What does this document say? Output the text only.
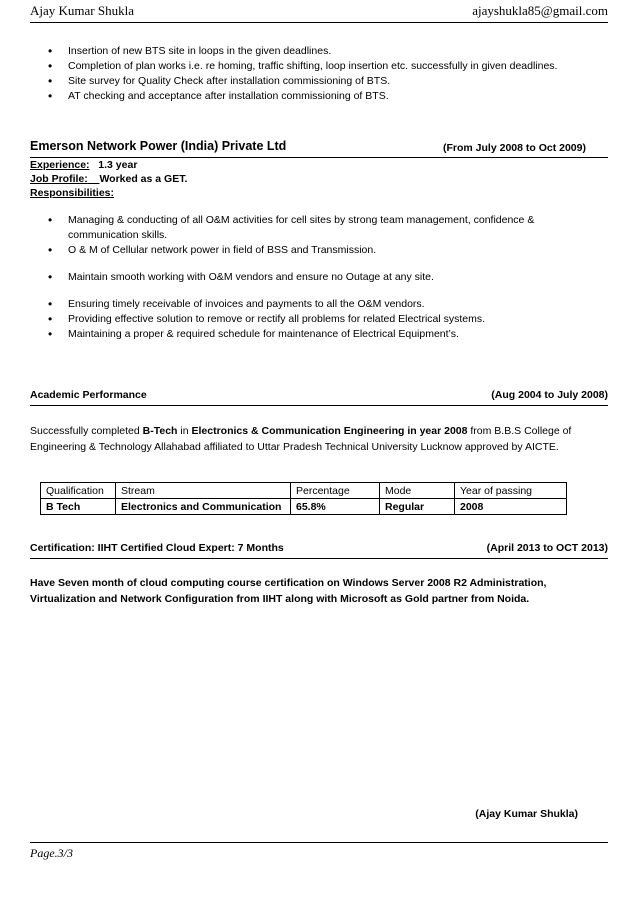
Ajay Kumar Shukla	ajayshukla85@gmail.com
• Insertion of new BTS site in loops in the given deadlines.
• Completion of plan works i.e. re homing, traffic shifting, loop insertion etc. successfully in given deadlines.
• Site survey for Quality Check after installation commissioning of BTS.
• AT checking and acceptance after installation commissioning of BTS.
Emerson Network Power (India) Private Ltd	(From July 2008 to Oct 2009)
Experience: 1.3 year
Job Profile: Worked as a GET.
Responsibilities:
• Managing & conducting of all O&M activities for cell sites by strong team management, confidence & communication skills.
• O & M of Cellular network power in field of BSS and Transmission.
• Maintain smooth working with O&M vendors and ensure no Outage at any site.
• Ensuring timely receivable of invoices and payments to all the O&M vendors.
• Providing effective solution to remove or rectify all problems for related Electrical systems.
• Maintaining a proper & required schedule for maintenance of Electrical Equipment’s.
Academic Performance	(Aug 2004 to July 2008)

Successfully completed B-Tech in Electronics & Communication Engineering in year 2008 from B.B.S College of Engineering & Technology Allahabad affiliated to Uttar Pradesh Technical University Lucknow approved by AICTE.

Qualification	Stream	Percentage	Mode	Year of passing
B Tech	Electronics and Communication	65.8%	Regular	2008
Certification: IIHT Certified Cloud Expert: 7 Months	(April 2013 to OCT 2013)

Have Seven month of cloud computing course certification on Windows Server 2008 R2 Administration, Virtualization and Network Configuration from IIHT along with Microsoft as Gold partner from Noida.

(Ajay Kumar Shukla)
Page.3/3
